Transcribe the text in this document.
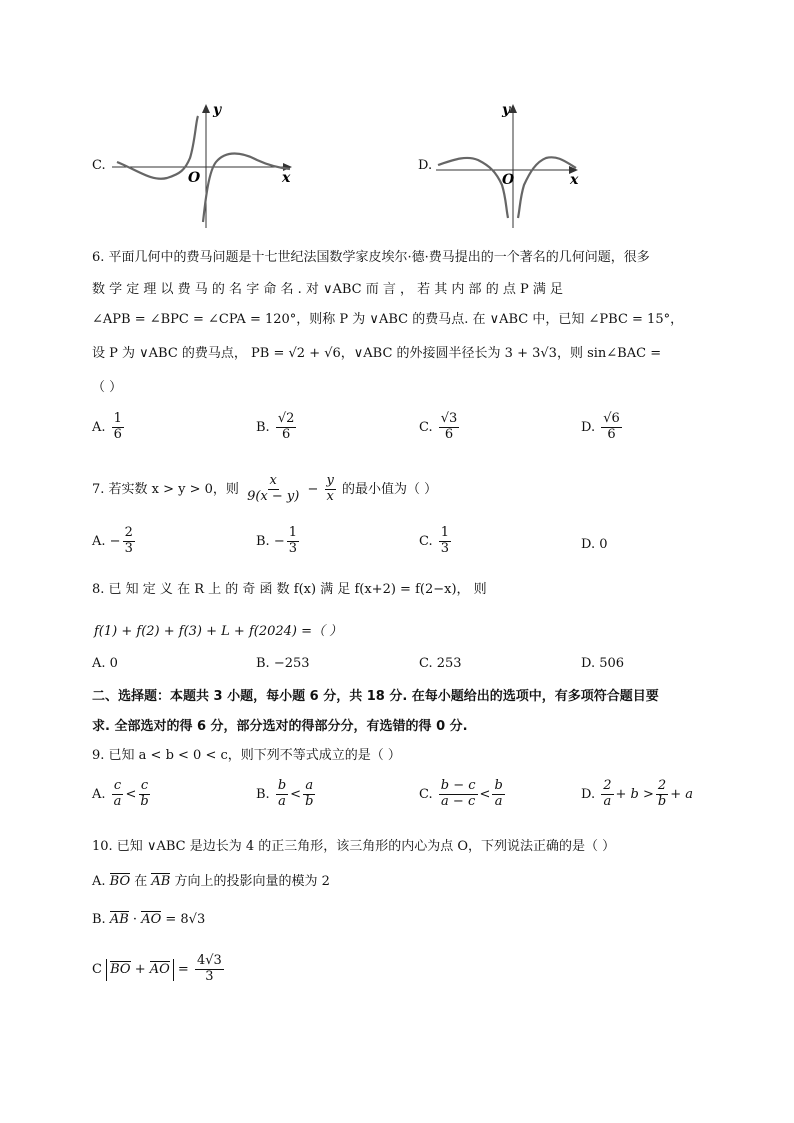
C.
y
x
O
D.
y
x
O
6. 平面几何中的费马问题是十七世纪法国数学家皮埃尔·德·费马提出的一个著名的几何问题，很多
数 学 定 理 以 费 马 的 名 字 命 名 . 对 ∨ABC 而 言 ， 若 其 内 部 的 点 P 满 足
∠APB = ∠BPC = ∠CPA = 120°，则称 P 为 ∨ABC 的费马点. 在 ∨ABC 中，已知 ∠PBC = 15°，
设 P 为 ∨ABC 的费马点， PB = √2 + √6，∨ABC 的外接圆半径长为 3 + 3√3，则 sin∠BAC =
（ ）
A. $\frac{1}{6}$	B. $\frac{√2}{6}$	C. $\frac{√3}{6}$	D. $\frac{√6}{6}$
7. 若实数 x > y > 0，则 $\frac{x}{9(x - y)} - \frac{y}{x}$ 的最小值为（ ）
A. − $\frac{2}{3}$	B. − $\frac{1}{3}$	C. $\frac{1}{3}$	D. 0
8. 已 知 定 义 在 R 上 的 奇 函 数 f(x) 满 足 f(x+2) = f(2−x)， 则
f(1) + f(2) + f(3) + L + f(2024) =（ ）
A. 0	B. −253	C. 253	D. 506
二、选择题：本题共 3 小题，每小题 6 分，共 18 分. 在每小题给出的选项中，有多项符合题目要
求. 全部选对的得 6 分，部分选对的得部分分，有选错的得 0 分.
9. 已知 a < b < 0 < c，则下列不等式成立的是（ ）
A. $\frac{c}{a} < \frac{c}{b}$	B. $\frac{b}{a} < \frac{a}{b}$	C. $\frac{b - c}{a - c} < \frac{b}{a}$	D. $\frac{2}{a} + b > \frac{2}{b} + a$
10. 已知 ∨ABC 是边长为 4 的正三角形，该三角形的内心为点 O，下列说法正确的是（ ）
A. BO 在 AB 方向上的投影向量的模为 2
B. AB · AO = 8√3
C BO + AO = $\frac{4√3}{3}$
